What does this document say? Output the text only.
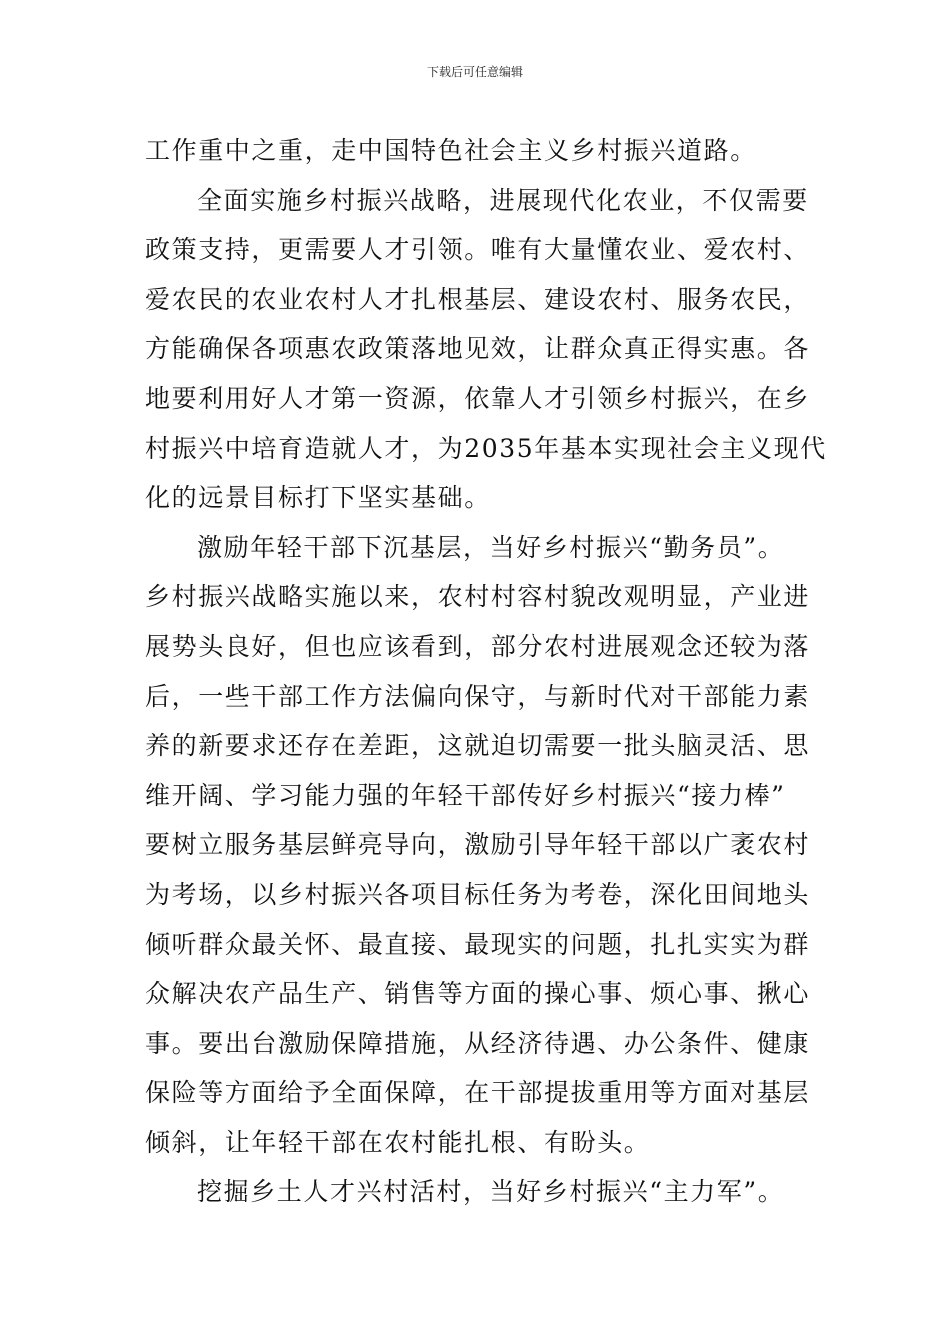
下载后可任意编辑
工作重中之重，走中国特色社会主义乡村振兴道路。
全面实施乡村振兴战略，进展现代化农业，不仅需要
政策支持，更需要人才引领。唯有大量懂农业、爱农村、
爱农民的农业农村人才扎根基层、建设农村、服务农民，
方能确保各项惠农政策落地见效，让群众真正得实惠。各
地要利用好人才第一资源，依靠人才引领乡村振兴，在乡
村振兴中培育造就人才，为2035年基本实现社会主义现代
化的远景目标打下坚实基础。
激励年轻干部下沉基层，当好乡村振兴“勤务员”。
乡村振兴战略实施以来，农村村容村貌改观明显，产业进
展势头良好，但也应该看到，部分农村进展观念还较为落
后，一些干部工作方法偏向保守，与新时代对干部能力素
养的新要求还存在差距，这就迫切需要一批头脑灵活、思
维开阔、学习能力强的年轻干部传好乡村振兴“接力棒”
要树立服务基层鲜亮导向，激励引导年轻干部以广袤农村
为考场，以乡村振兴各项目标任务为考卷，深化田间地头
倾听群众最关怀、最直接、最现实的问题，扎扎实实为群
众解决农产品生产、销售等方面的操心事、烦心事、揪心
事。要出台激励保障措施，从经济待遇、办公条件、健康
保险等方面给予全面保障，在干部提拔重用等方面对基层
倾斜，让年轻干部在农村能扎根、有盼头。
挖掘乡土人才兴村活村，当好乡村振兴“主力军”。
